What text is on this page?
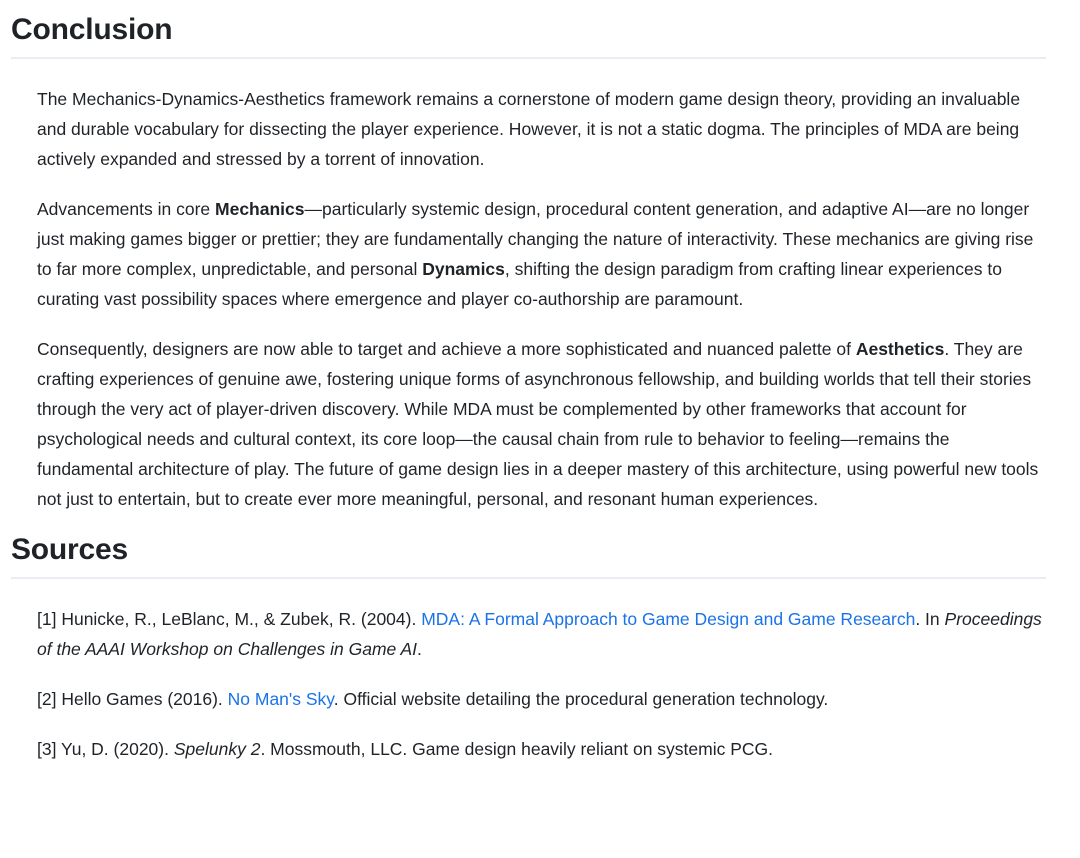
Conclusion

The Mechanics-Dynamics-Aesthetics framework remains a cornerstone of modern game design theory, providing an invaluable and durable vocabulary for dissecting the player experience. However, it is not a static dogma. The principles of MDA are being actively expanded and stressed by a torrent of innovation.

Advancements in core Mechanics—particularly systemic design, procedural content generation, and adaptive AI—are no longer just making games bigger or prettier; they are fundamentally changing the nature of interactivity. These mechanics are giving rise to far more complex, unpredictable, and personal Dynamics, shifting the design paradigm from crafting linear experiences to curating vast possibility spaces where emergence and player co-authorship are paramount.

Consequently, designers are now able to target and achieve a more sophisticated and nuanced palette of Aesthetics. They are crafting experiences of genuine awe, fostering unique forms of asynchronous fellowship, and building worlds that tell their stories through the very act of player-driven discovery. While MDA must be complemented by other frameworks that account for psychological needs and cultural context, its core loop—the causal chain from rule to behavior to feeling—remains the fundamental architecture of play. The future of game design lies in a deeper mastery of this architecture, using powerful new tools not just to entertain, but to create ever more meaningful, personal, and resonant human experiences.

Sources

[1] Hunicke, R., LeBlanc, M., & Zubek, R. (2004). MDA: A Formal Approach to Game Design and Game Research. In Proceedings of the AAAI Workshop on Challenges in Game AI.

[2] Hello Games (2016). No Man's Sky. Official website detailing the procedural generation technology.

[3] Yu, D. (2020). Spelunky 2. Mossmouth, LLC. Game design heavily reliant on systemic PCG.
